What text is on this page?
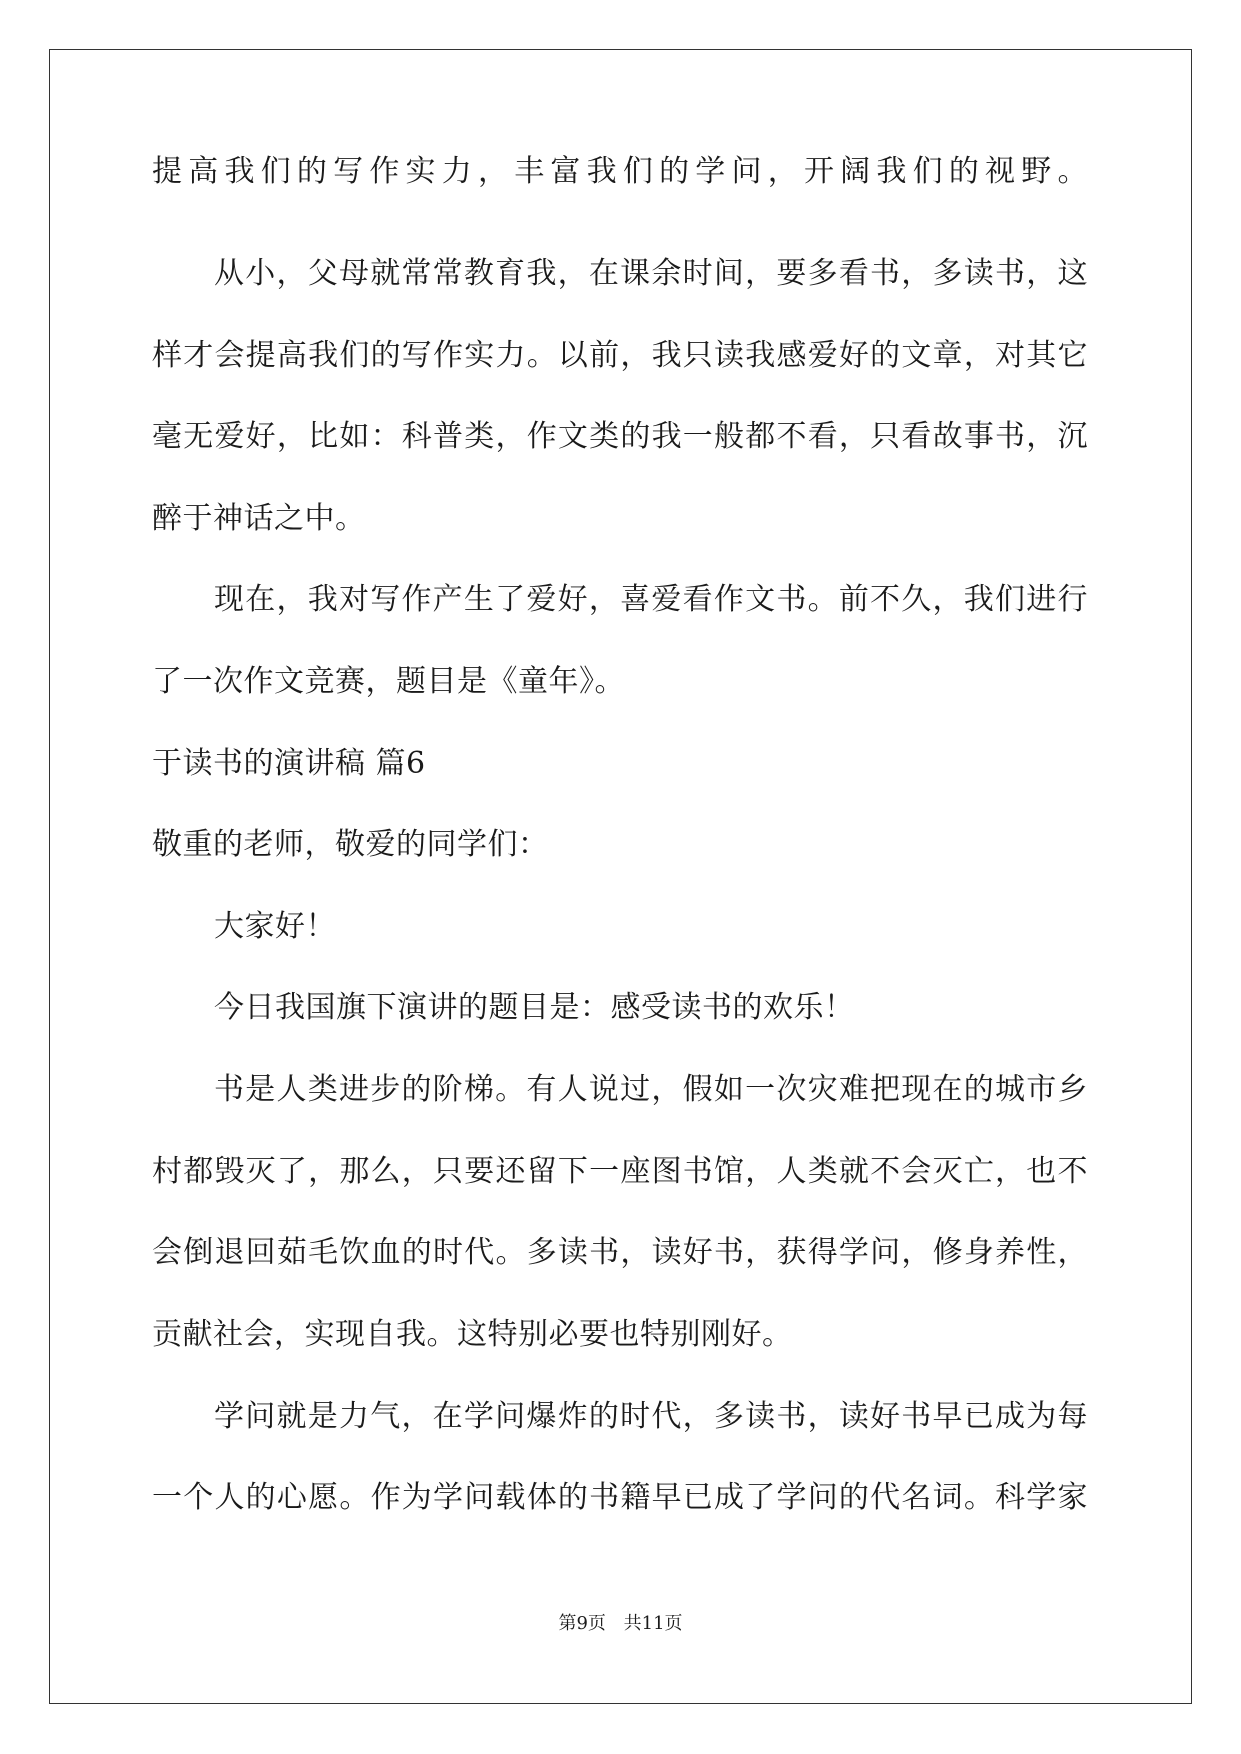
提高我们的写作实力，丰富我们的学问，开阔我们的视野。
从小，父母就常常教育我，在课余时间，要多看书，多读书，这
样才会提高我们的写作实力。以前，我只读我感爱好的文章，对其它
毫无爱好，比如：科普类，作文类的我一般都不看，只看故事书，沉
醉于神话之中。
现在，我对写作产生了爱好，喜爱看作文书。前不久，我们进行
了一次作文竞赛，题目是《童年》。
于读书的演讲稿 篇6
敬重的老师，敬爱的同学们：
大家好！
今日我国旗下演讲的题目是：感受读书的欢乐！
书是人类进步的阶梯。有人说过，假如一次灾难把现在的城市乡
村都毁灭了，那么，只要还留下一座图书馆，人类就不会灭亡，也不
会倒退回茹毛饮血的时代。多读书，读好书，获得学问，修身养性，
贡献社会，实现自我。这特别必要也特别刚好。
学问就是力气，在学问爆炸的时代，多读书，读好书早已成为每
一个人的心愿。作为学问载体的书籍早已成了学问的代名词。科学家
第9页 共11页
